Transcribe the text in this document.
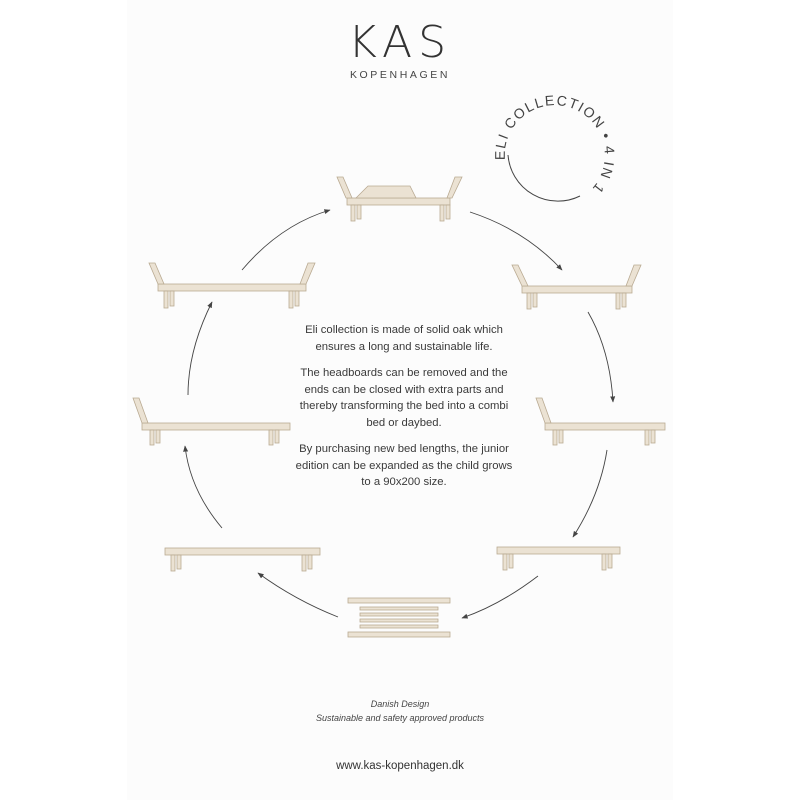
KAS
KOPENHAGEN
ELI COLLECTION • 4 IN 1

Eli collection is made of solid oak which ensures a long and sustainable life.

The headboards can be removed and the ends can be closed with extra parts and thereby transforming the bed into a combi bed or daybed.

By purchasing new bed lengths, the junior edition can be expanded as the child grows to a 90x200 size.

Danish Design
Sustainable and safety approved products
www.kas-kopenhagen.dk
